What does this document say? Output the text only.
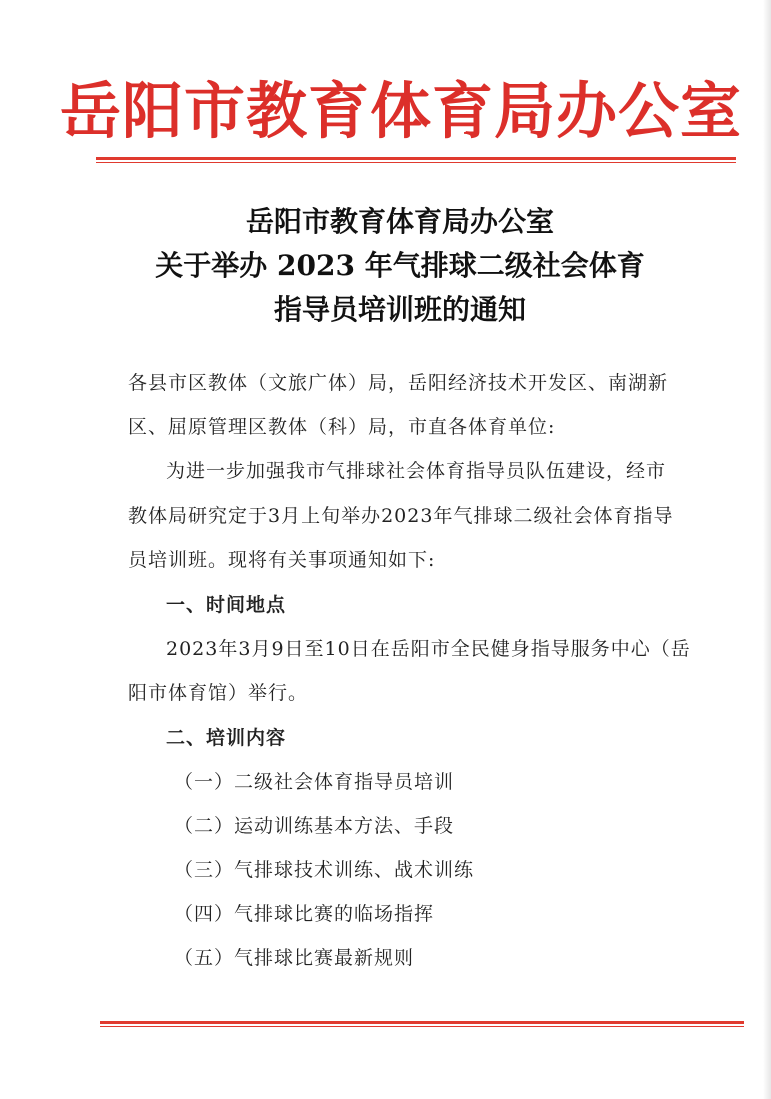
岳阳市教育体育局办公室
岳阳市教育体育局办公室
关于举办 2023 年气排球二级社会体育
指导员培训班的通知
各县市区教体（文旅广体）局，岳阳经济技术开发区、南湖新
区、屈原管理区教体（科）局，市直各体育单位:
为进一步加强我市气排球社会体育指导员队伍建设，经市
教体局研究定于3月上旬举办2023年气排球二级社会体育指导
员培训班。现将有关事项通知如下:
一、时间地点
2023年3月9日至10日在岳阳市全民健身指导服务中心（岳
阳市体育馆）举行。
二、培训内容
（一）二级社会体育指导员培训
（二）运动训练基本方法、手段
（三）气排球技术训练、战术训练
（四）气排球比赛的临场指挥
（五）气排球比赛最新规则
